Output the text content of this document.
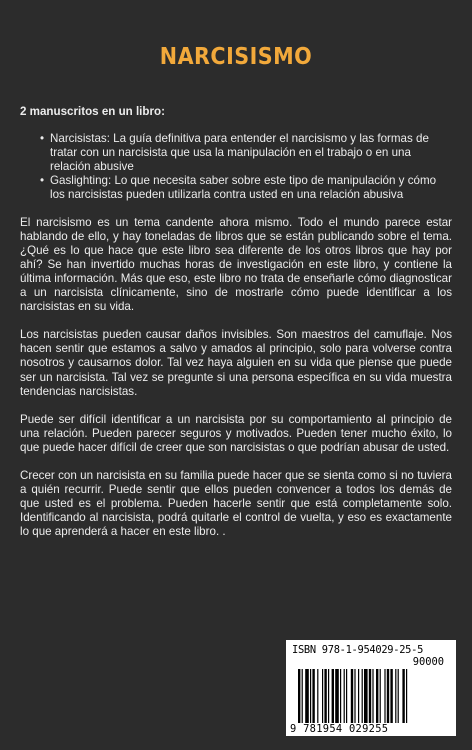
NARCISISMO
2 manuscritos en un libro:
• Narcisistas: La guía definitiva para entender el narcisismo y las formas de tratar con un narcisista que usa la manipulación en el trabajo o en una relación abusive
• Gaslighting: Lo que necesita saber sobre este tipo de manipulación y cómo los narcisistas pueden utilizarla contra usted en una relación abusiva

El narcisismo es un tema candente ahora mismo. Todo el mundo parece estar hablando de ello, y hay toneladas de libros que se están publicando sobre el tema. ¿Qué es lo que hace que este libro sea diferente de los otros libros que hay por ahí? Se han invertido muchas horas de investigación en este libro, y contiene la última información. Más que eso, este libro no trata de enseñarle cómo diagnosticar a un narcisista clínicamente, sino de mostrarle cómo puede identificar a los narcisistas en su vida.

Los narcisistas pueden causar daños invisibles. Son maestros del camuflaje. Nos hacen sentir que estamos a salvo y amados al principio, solo para volverse contra nosotros y causarnos dolor. Tal vez haya alguien en su vida que piense que puede ser un narcisista. Tal vez se pregunte si una persona específica en su vida muestra tendencias narcisistas.

Puede ser difícil identificar a un narcisista por su comportamiento al principio de una relación. Pueden parecer seguros y motivados. Pueden tener mucho éxito, lo que puede hacer difícil de creer que son narcisistas o que podrían abusar de usted.

Crecer con un narcisista en su familia puede hacer que se sienta como si no tuviera a quién recurrir. Puede sentir que ellos pueden convencer a todos los demás de que usted es el problema. Pueden hacerle sentir que está completamente solo. Identificando al narcisista, podrá quitarle el control de vuelta, y eso es exactamente lo que aprenderá a hacer en este libro. .

ISBN 978-1-954029-25-5
90000
9 781954 029255
